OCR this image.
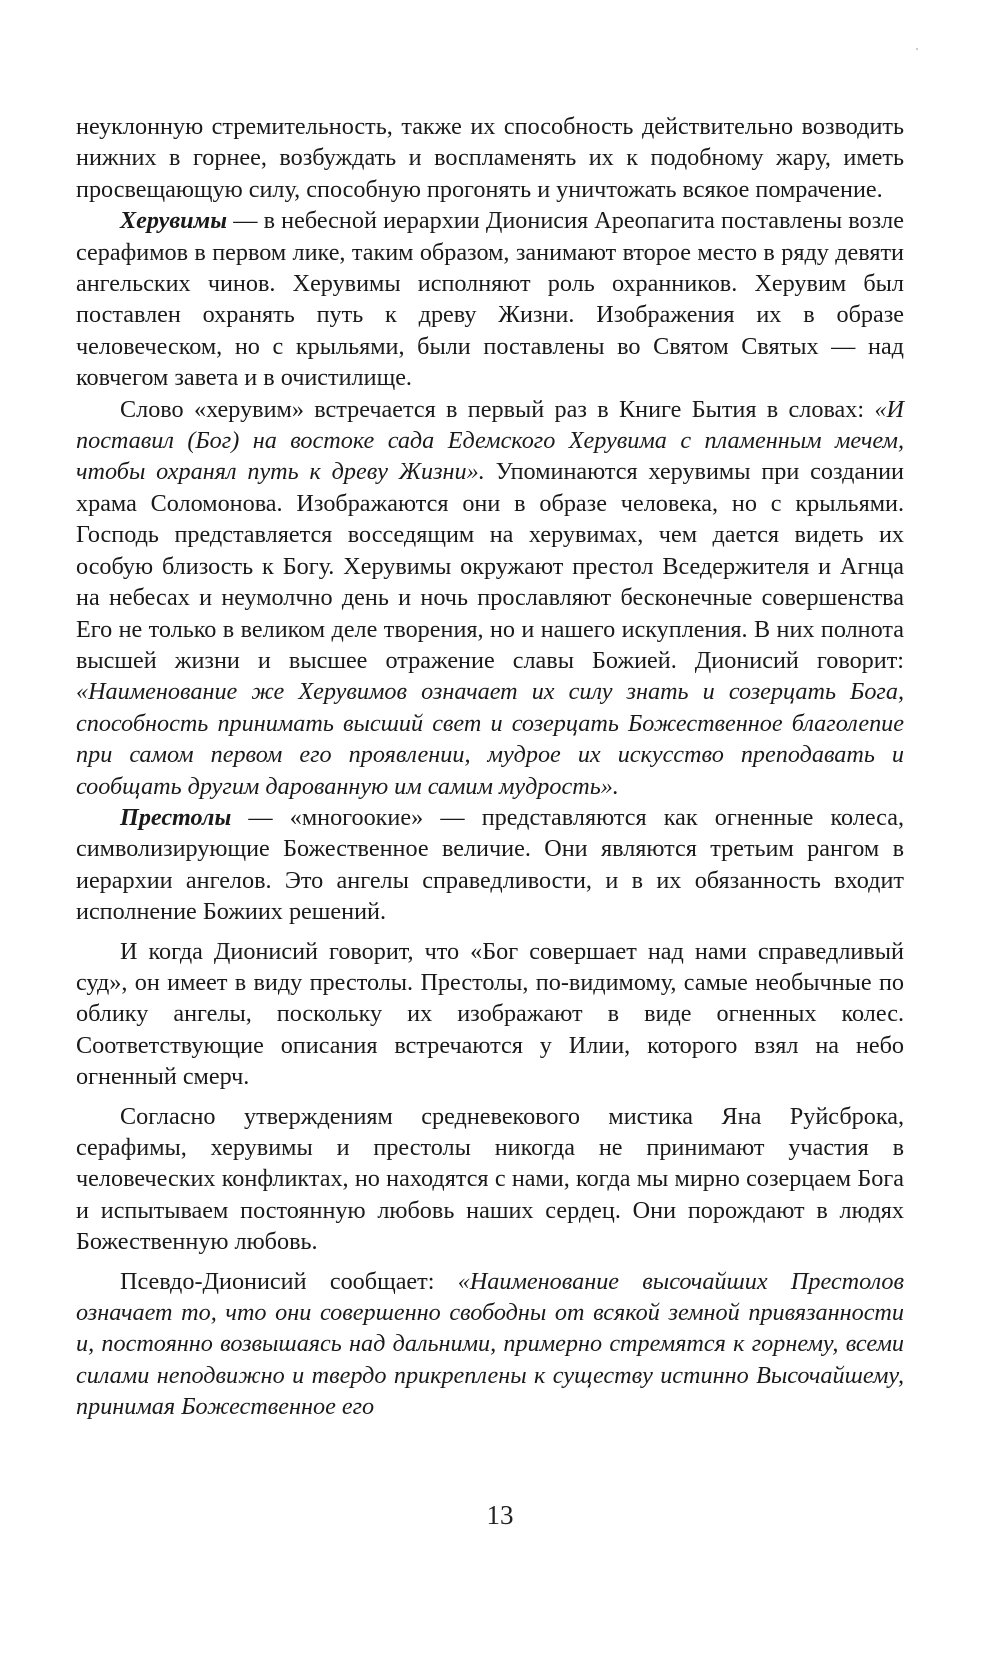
неуклонную стремительность, также их способность действительно возводить нижних в горнее, возбуждать и воспламенять их к подобному жару, иметь просвещающую силу, способную прогонять и уничтожать всякое помрачение.

Херувимы — в небесной иерархии Дионисия Ареопагита поставлены возле серафимов в первом лике, таким образом, занимают второе место в ряду девяти ангельских чинов. Херувимы исполняют роль охранников. Херувим был поставлен охранять путь к древу Жизни. Изображения их в образе человеческом, но с крыльями, были поставлены во Святом Святых — над ковчегом завета и в очистилище.

Слово «херувим» встречается в первый раз в Книге Бытия в словах: «И поставил (Бог) на востоке сада Едемского Херувима с пламенным мечем, чтобы охранял путь к древу Жизни». Упоминаются херувимы при создании храма Соломонова. Изображаются они в образе человека, но с крыльями. Господь представляется восседящим на херувимах, чем дается видеть их особую близость к Богу. Херувимы окружают престол Вседержителя и Агнца на небесах и неумолчно день и ночь прославляют бесконечные совершенства Его не только в великом деле творения, но и нашего искупления. В них полнота высшей жизни и высшее отражение славы Божией. Дионисий говорит: «Наименование же Херувимов означает их силу знать и созерцать Бога, способность принимать высший свет и созерцать Божественное благолепие при самом первом его проявлении, мудрое их искусство преподавать и сообщать другим дарованную им самим мудрость».

Престолы — «многоокие» — представляются как огненные колеса, символизирующие Божественное величие. Они являются третьим рангом в иерархии ангелов. Это ангелы справедливости, и в их обязанность входит исполнение Божиих решений.

И когда Дионисий говорит, что «Бог совершает над нами справедливый суд», он имеет в виду престолы. Престолы, по-видимому, самые необычные по облику ангелы, поскольку их изображают в виде огненных колес. Соответствующие описания встречаются у Илии, которого взял на небо огненный смерч.

Согласно утверждениям средневекового мистика Яна Руйсброка, серафимы, херувимы и престолы никогда не принимают участия в человеческих конфликтах, но находятся с нами, когда мы мирно созерцаем Бога и испытываем постоянную любовь наших сердец. Они порождают в людях Божественную любовь.

Псевдо-Дионисий сообщает: «Наименование высочайших Престолов означает то, что они совершенно свободны от всякой земной привязанности и, постоянно возвышаясь над дальними, примерно стремятся к горнему, всеми силами неподвижно и твердо прикреплены к существу истинно Высочайшему, принимая Божественное его

13
